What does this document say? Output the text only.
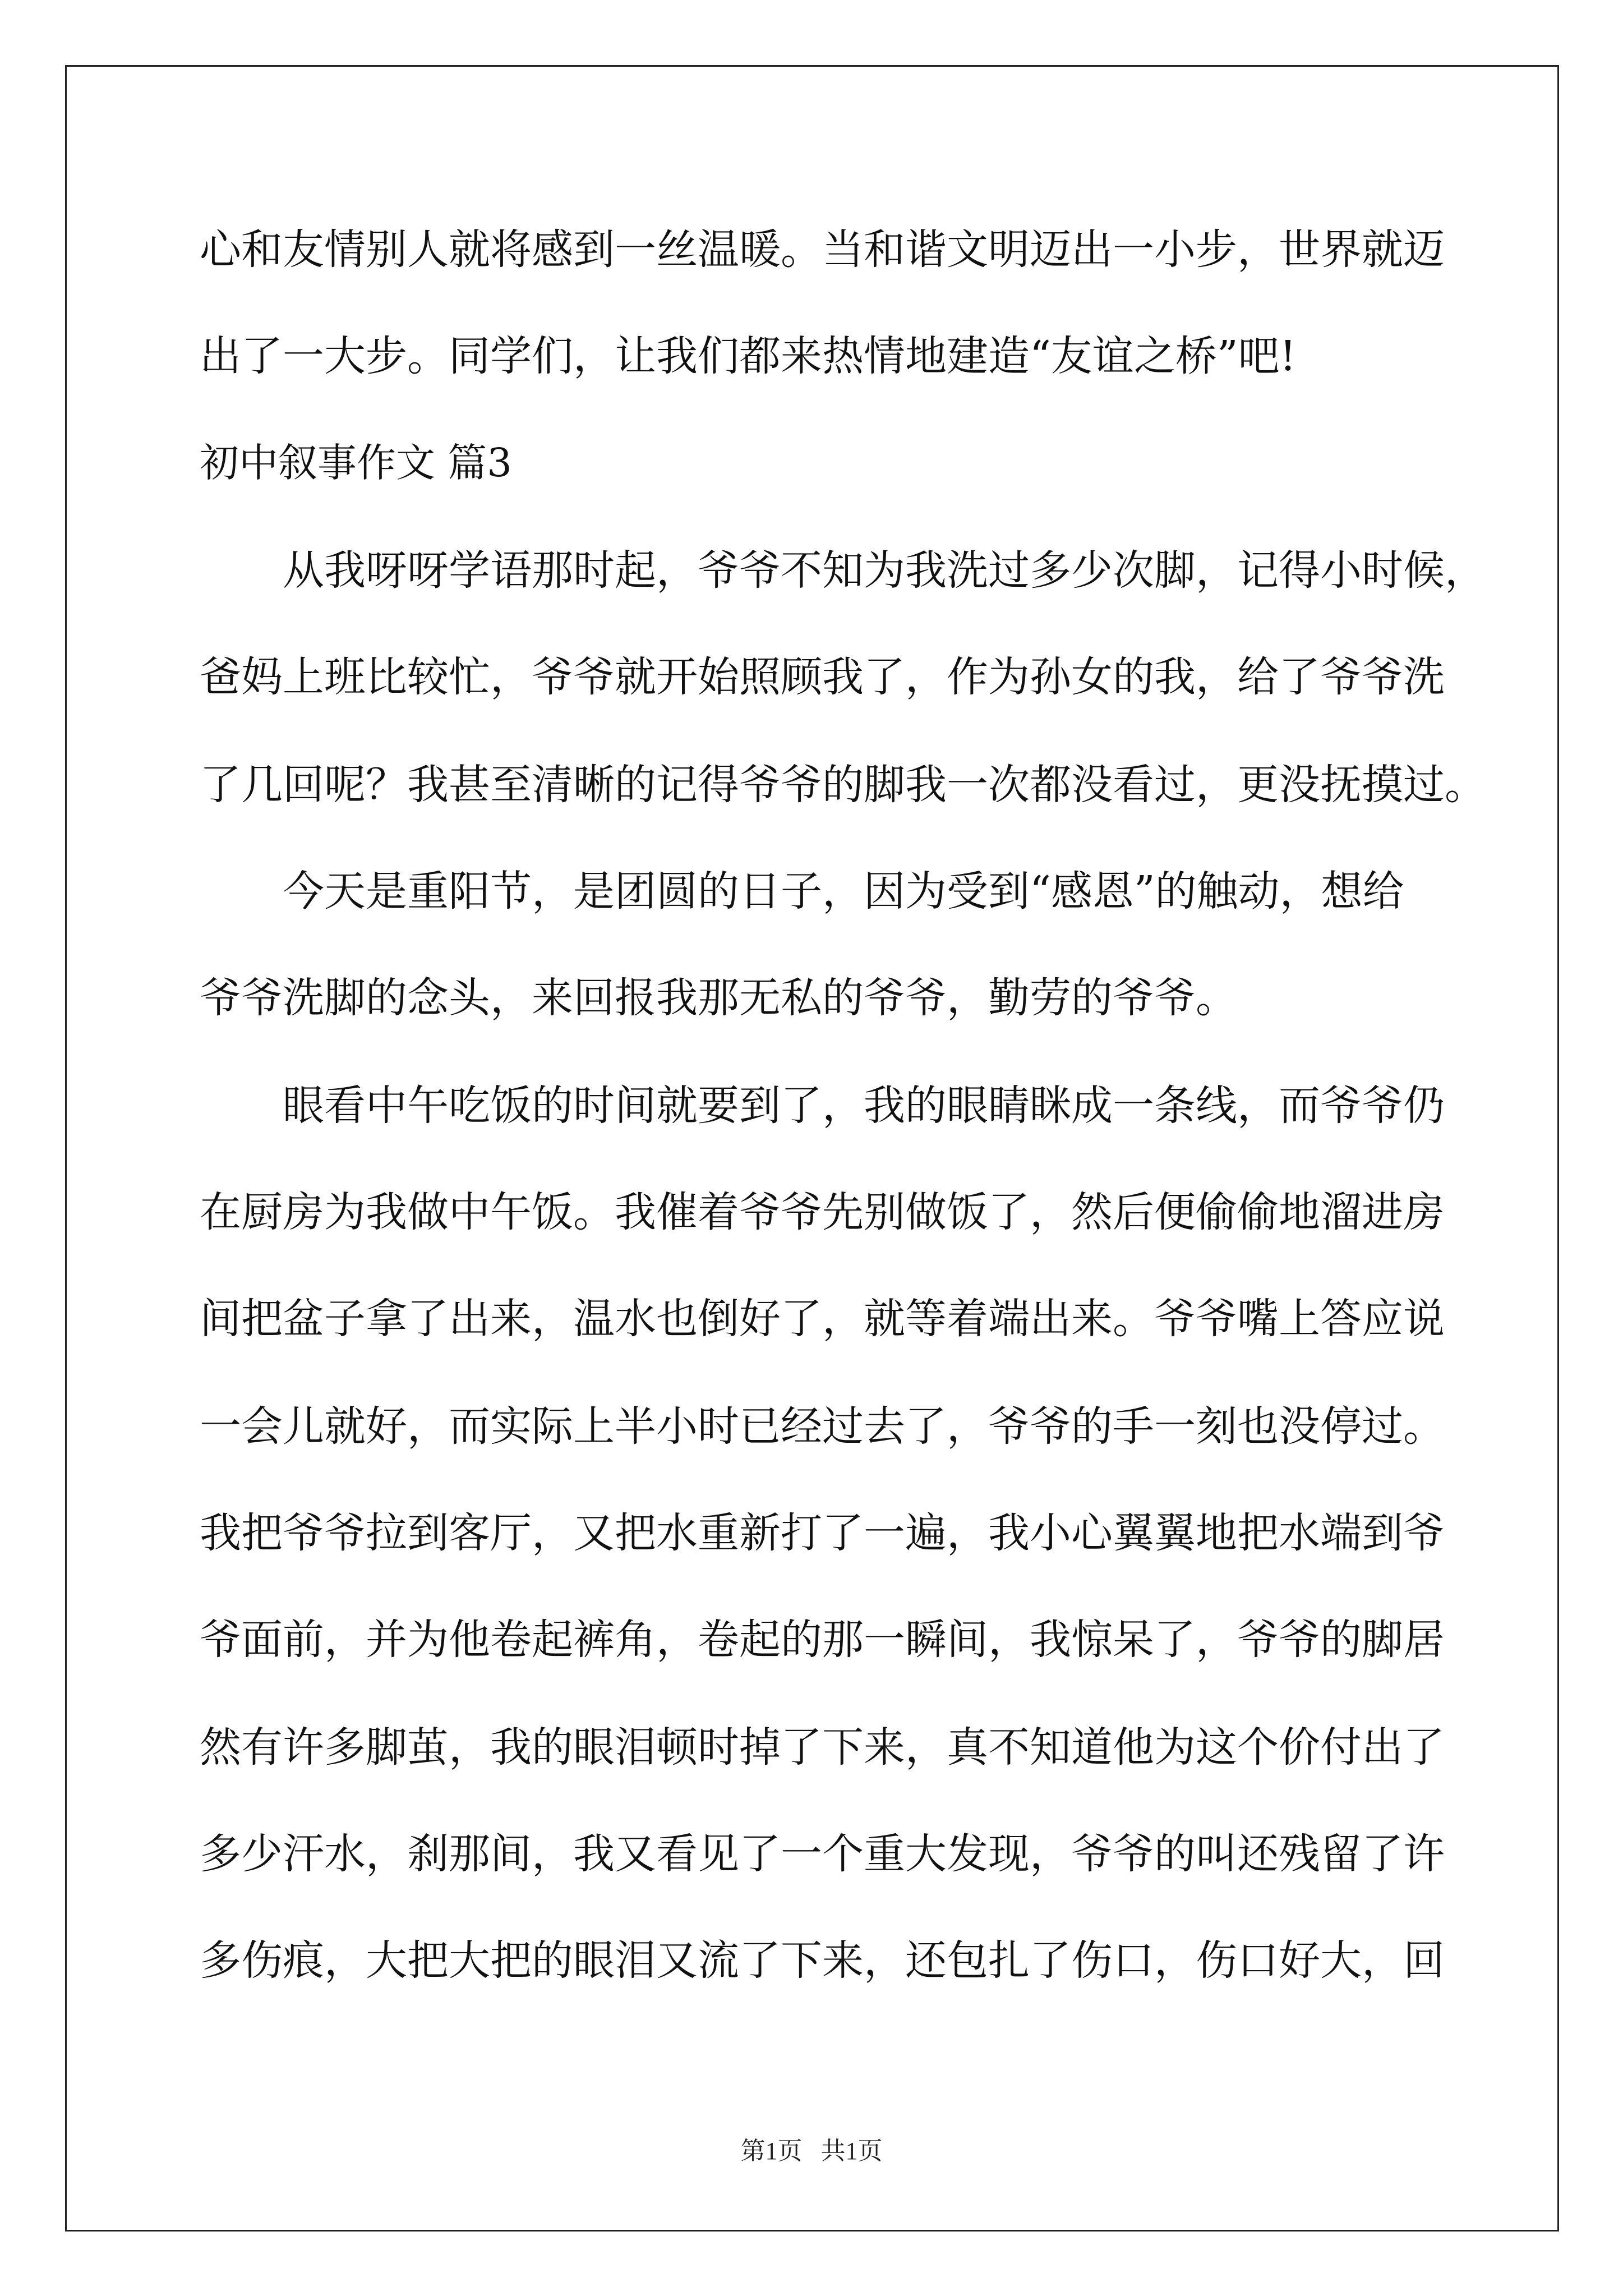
心和友情别人就将感到一丝温暖。当和谐文明迈出一小步，世界就迈
出了一大步。同学们，让我们都来热情地建造“友谊之桥”吧!
初中叙事作文 篇3
从我呀呀学语那时起，爷爷不知为我洗过多少次脚，记得小时候，
爸妈上班比较忙，爷爷就开始照顾我了，作为孙女的我，给了爷爷洗
了几回呢？我甚至清晰的记得爷爷的脚我一次都没看过，更没抚摸过。
今天是重阳节，是团圆的日子，因为受到“感恩”的触动，想给
爷爷洗脚的念头，来回报我那无私的爷爷，勤劳的爷爷。
眼看中午吃饭的时间就要到了，我的眼睛眯成一条线，而爷爷仍
在厨房为我做中午饭。我催着爷爷先别做饭了，然后便偷偷地溜进房
间把盆子拿了出来，温水也倒好了，就等着端出来。爷爷嘴上答应说
一会儿就好，而实际上半小时已经过去了，爷爷的手一刻也没停过。
我把爷爷拉到客厅，又把水重新打了一遍，我小心翼翼地把水端到爷
爷面前，并为他卷起裤角，卷起的那一瞬间，我惊呆了，爷爷的脚居
然有许多脚茧，我的眼泪顿时掉了下来，真不知道他为这个价付出了
多少汗水，刹那间，我又看见了一个重大发现，爷爷的叫还残留了许
多伤痕，大把大把的眼泪又流了下来，还包扎了伤口，伤口好大，回
第1页 共1页
